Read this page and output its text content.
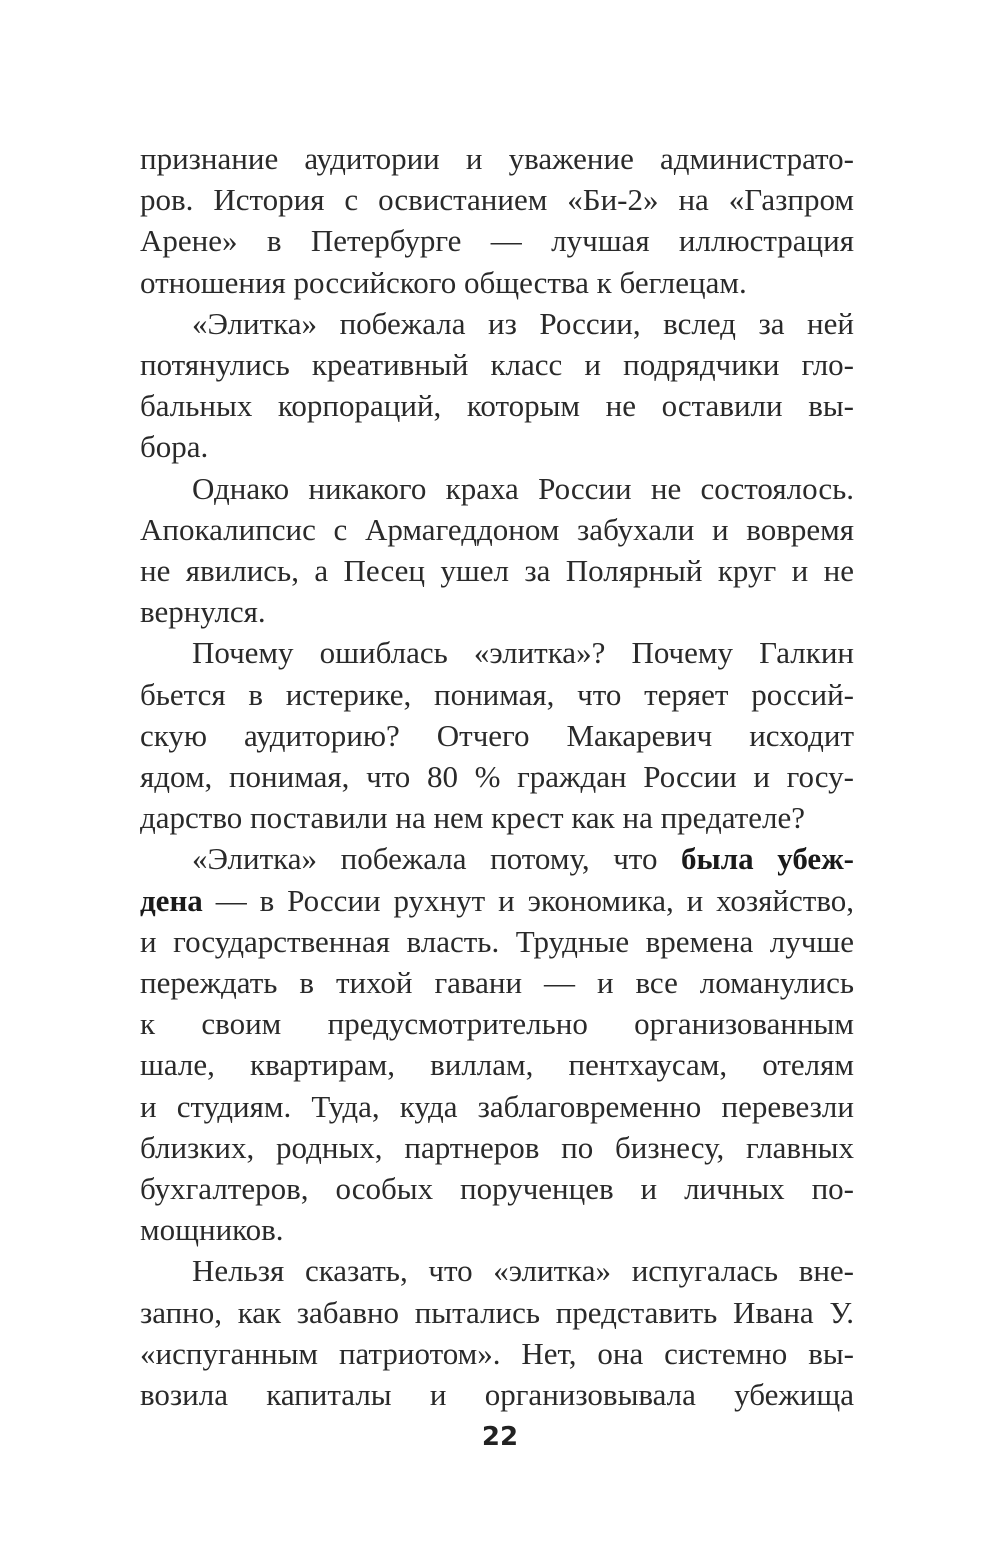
признание аудитории и уважение администрато-
ров. История с освистанием «Би-2» на «Газпром
Арене» в Петербурге — лучшая иллюстрация
отношения российского общества к беглецам.

«Элитка» побежала из России, вслед за ней
потянулись креативный класс и подрядчики гло-
бальных корпораций, которым не оставили вы-
бора.

Однако никакого краха России не состоялось.
Апокалипсис с Армагеддоном забухали и вовремя
не явились, а Песец ушел за Полярный круг и не
вернулся.

Почему ошиблась «элитка»? Почему Галкин
бьется в истерике, понимая, что теряет россий-
скую аудиторию? Отчего Макаревич исходит
ядом, понимая, что 80 % граждан России и госу-
дарство поставили на нем крест как на предателе?

«Элитка» побежала потому, что была убеж-
дена — в России рухнут и экономика, и хозяйство,
и государственная власть. Трудные времена лучше
переждать в тихой гавани — и все ломанулись
к своим предусмотрительно организованным
шале, квартирам, виллам, пентхаусам, отелям
и студиям. Туда, куда заблаговременно перевезли
близких, родных, партнеров по бизнесу, главных
бухгалтеров, особых порученцев и личных по-
мощников.

Нельзя сказать, что «элитка» испугалась вне-
запно, как забавно пытались представить Ивана У.
«испуганным патриотом». Нет, она системно вы-
возила капиталы и организовывала убежища

22
